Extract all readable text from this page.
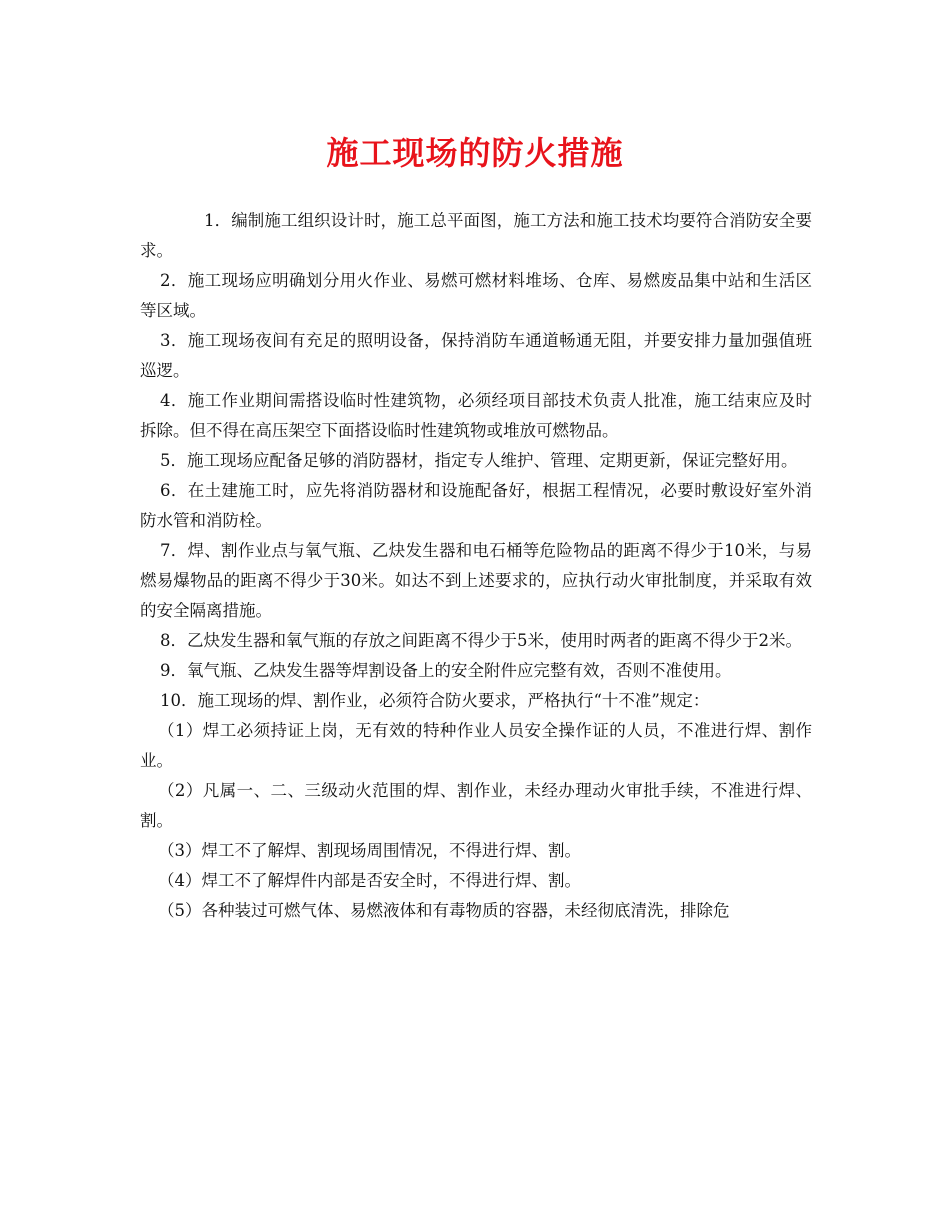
施工现场的防火措施

1．编制施工组织设计时，施工总平面图，施工方法和施工技术均要符合消防安全要求。

2．施工现场应明确划分用火作业、易燃可燃材料堆场、仓库、易燃废品集中站和生活区等区域。

3．施工现场夜间有充足的照明设备，保持消防车通道畅通无阻，并要安排力量加强值班巡逻。

4．施工作业期间需搭设临时性建筑物，必须经项目部技术负责人批准，施工结束应及时拆除。但不得在高压架空下面搭设临时性建筑物或堆放可燃物品。

5．施工现场应配备足够的消防器材，指定专人维护、管理、定期更新，保证完整好用。

6．在土建施工时，应先将消防器材和设施配备好，根据工程情况，必要时敷设好室外消防水管和消防栓。

7．焊、割作业点与氧气瓶、乙炔发生器和电石桶等危险物品的距离不得少于10米，与易燃易爆物品的距离不得少于30米。如达不到上述要求的，应执行动火审批制度，并采取有效的安全隔离措施。

8．乙炔发生器和氧气瓶的存放之间距离不得少于5米，使用时两者的距离不得少于2米。

9．氧气瓶、乙炔发生器等焊割设备上的安全附件应完整有效，否则不准使用。

10．施工现场的焊、割作业，必须符合防火要求，严格执行“十不准”规定：

（1）焊工必须持证上岗，无有效的特种作业人员安全操作证的人员，不准进行焊、割作业。

（2）凡属一、二、三级动火范围的焊、割作业，未经办理动火审批手续，不准进行焊、割。

（3）焊工不了解焊、割现场周围情况，不得进行焊、割。

（4）焊工不了解焊件内部是否安全时，不得进行焊、割。

（5）各种装过可燃气体、易燃液体和有毒物质的容器，未经彻底清洗，排除危
